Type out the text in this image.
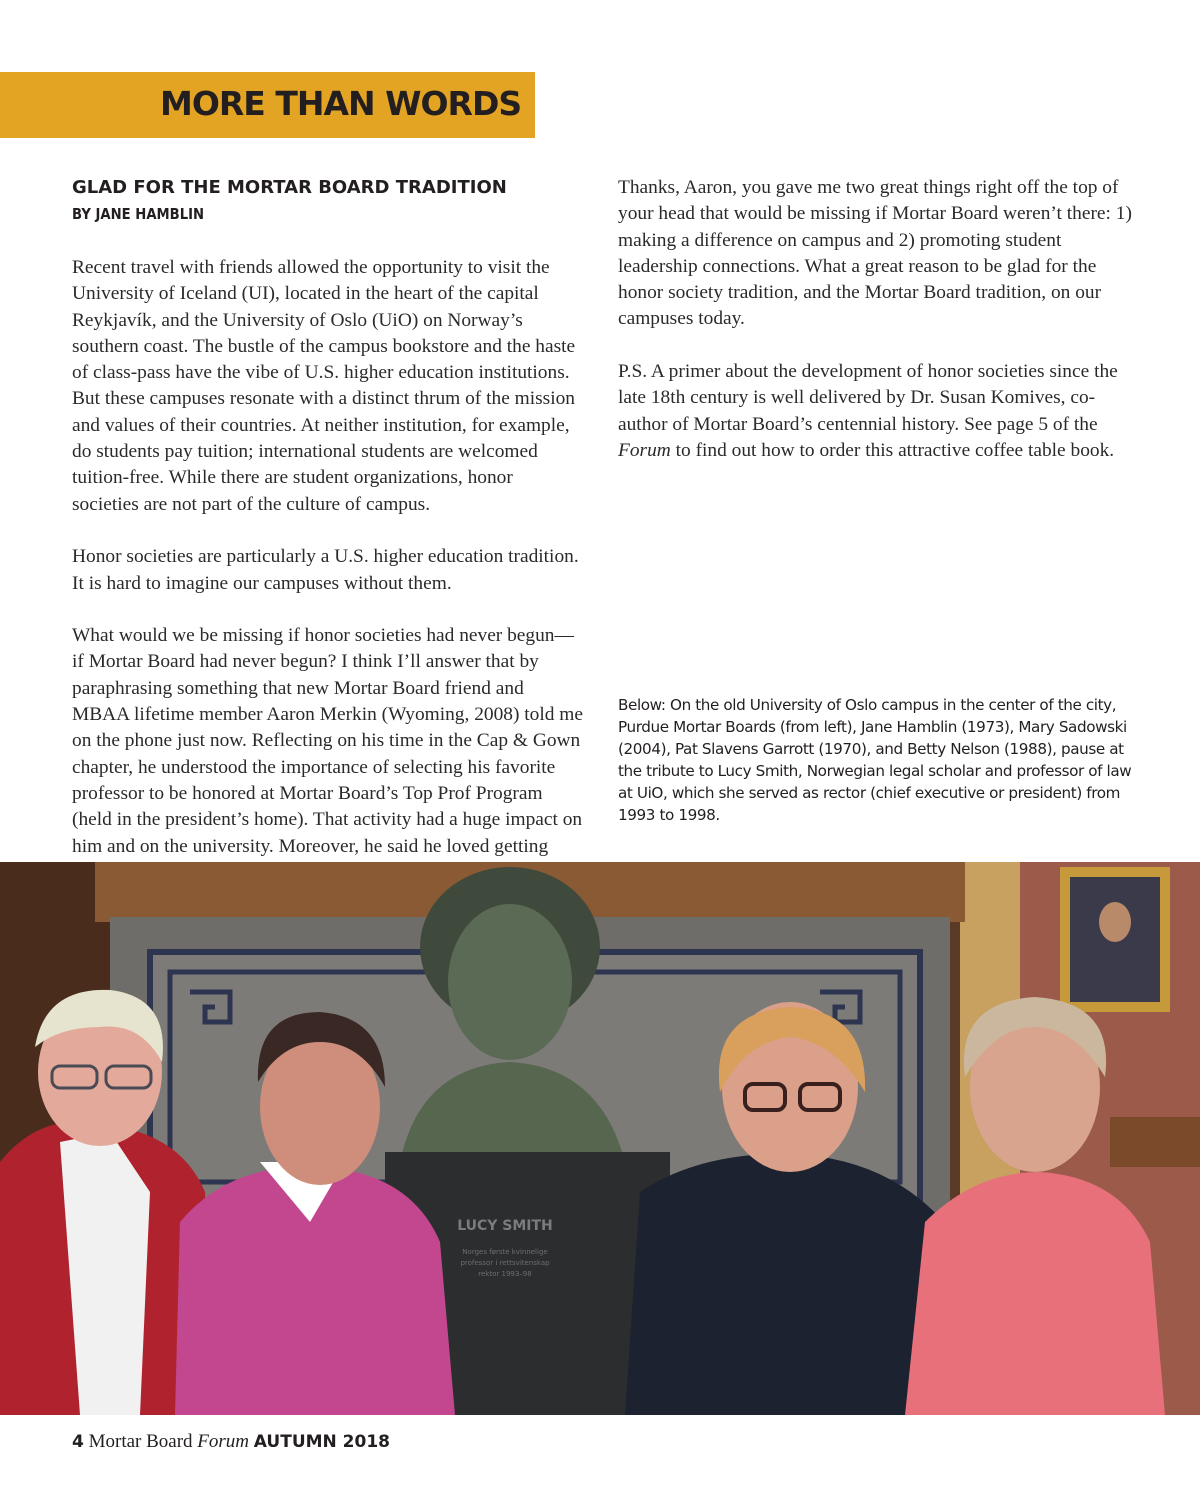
MORE THAN WORDS
GLAD FOR THE MORTAR BOARD TRADITION
BY JANE HAMBLIN

Recent travel with friends allowed the opportunity to visit the University of Iceland (UI), located in the heart of the capital Reykjavík, and the University of Oslo (UiO) on Norway’s southern coast. The bustle of the campus bookstore and the haste of class-pass have the vibe of U.S. higher education institutions. But these campuses resonate with a distinct thrum of the mission and values of their countries. At neither institution, for example, do students pay tuition; international students are welcomed tuition-free. While there are student organizations, honor societies are not part of the culture of campus.

Honor societies are particularly a U.S. higher education tradition. It is hard to imagine our campuses without them.

What would we be missing if honor societies had never begun—if Mortar Board had never begun? I think I’ll answer that by paraphrasing something that new Mortar Board friend and MBAA lifetime member Aaron Merkin (Wyoming, 2008) told me on the phone just now. Reflecting on his time in the Cap & Gown chapter, he understood the importance of selecting his favorite professor to be honored at Mortar Board’s Top Prof Program (held in the president’s home). That activity had a huge impact on him and on the university. Moreover, he said he loved getting

Thanks, Aaron, you gave me two great things right off the top of your head that would be missing if Mortar Board weren’t there: 1) making a difference on campus and 2) promoting student leadership connections. What a great reason to be glad for the honor society tradition, and the Mortar Board tradition, on our campuses today.

P.S. A primer about the development of honor societies since the late 18th century is well delivered by Dr. Susan Komives, co-author of Mortar Board’s centennial history. See page 5 of the Forum to find out how to order this attractive coffee table book.

Below: On the old University of Oslo campus in the center of the city, Purdue Mortar Boards (from left), Jane Hamblin (1973), Mary Sadowski (2004), Pat Slavens Garrott (1970), and Betty Nelson (1988), pause at the tribute to Lucy Smith, Norwegian legal scholar and professor of law at UiO, which she served as rector (chief executive or president) from 1993 to 1998.
LUCY SMITH
Norges første kvinnelige
professor i rettsvitenskap
rektor 1993–98
4 Mortar Board Forum AUTUMN 2018
